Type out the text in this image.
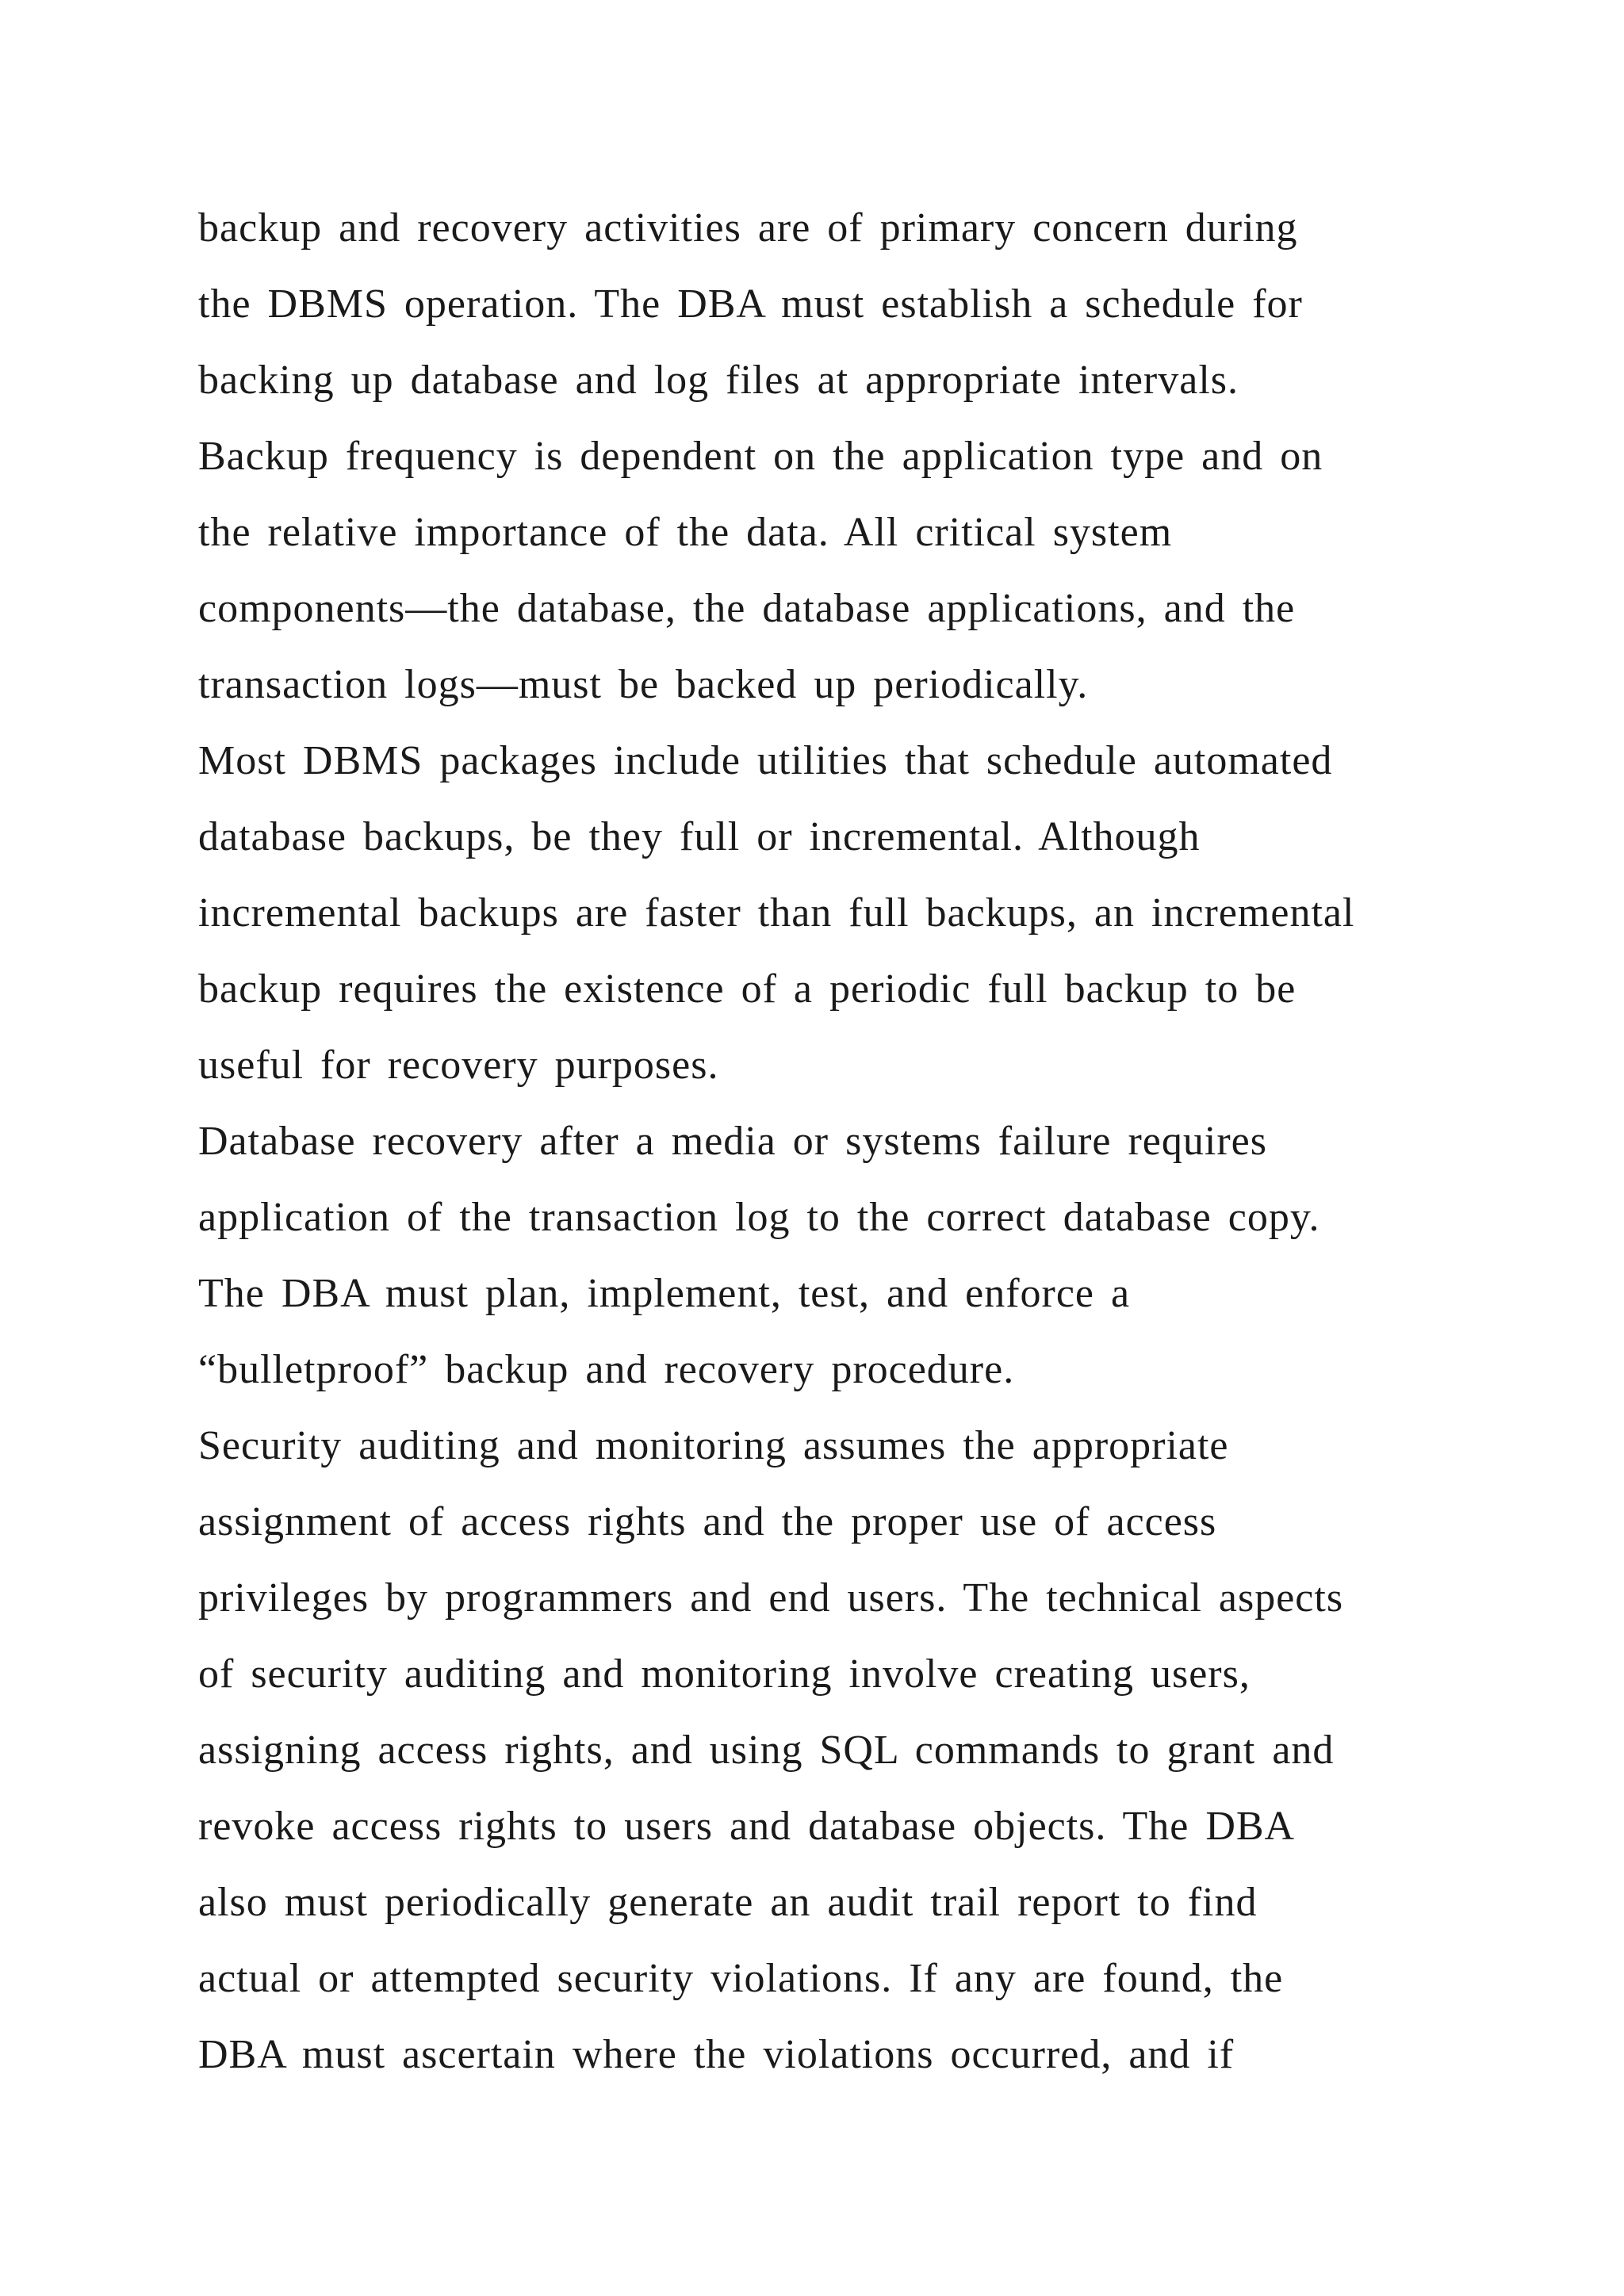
backup and recovery activities are of primary concern during
the DBMS operation. The DBA must establish a schedule for
backing up database and log files at appropriate intervals.
Backup frequency is dependent on the application type and on
the relative importance of the data. All critical system
components—the database, the database applications, and the
transaction logs—must be backed up periodically.
Most DBMS packages include utilities that schedule automated
database backups, be they full or incremental. Although
incremental backups are faster than full backups, an incremental
backup requires the existence of a periodic full backup to be
useful for recovery purposes.
Database recovery after a media or systems failure requires
application of the transaction log to the correct database copy.
The DBA must plan, implement, test, and enforce a
“bulletproof” backup and recovery procedure.
Security auditing and monitoring assumes the appropriate
assignment of access rights and the proper use of access
privileges by programmers and end users. The technical aspects
of security auditing and monitoring involve creating users,
assigning access rights, and using SQL commands to grant and
revoke access rights to users and database objects. The DBA
also must periodically generate an audit trail report to find
actual or attempted security violations. If any are found, the
DBA must ascertain where the violations occurred, and if
